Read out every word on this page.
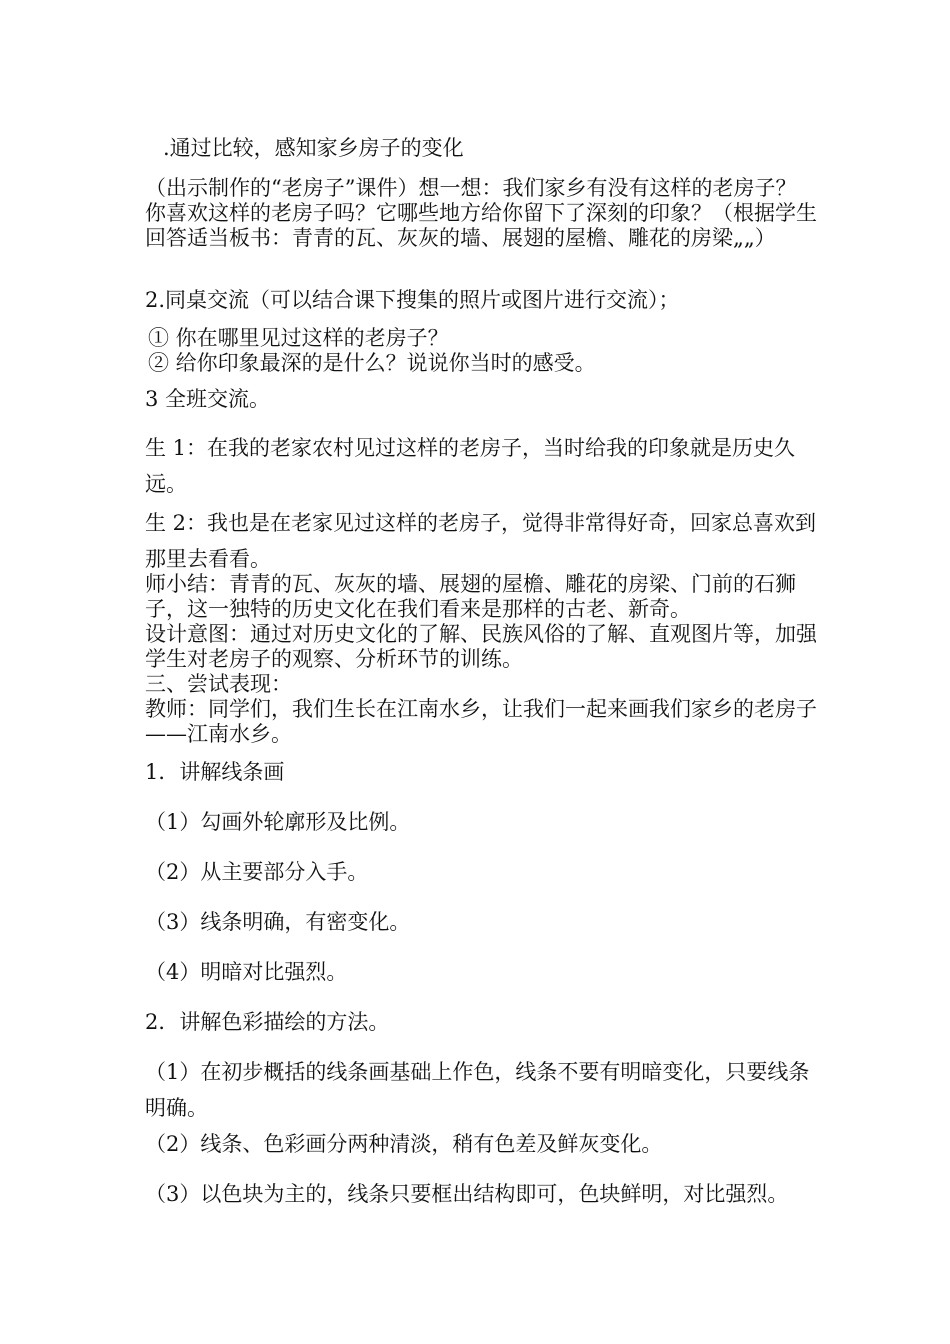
.通过比较，感知家乡房子的变化
（出示制作的“老房子”课件）想一想：我们家乡有没有这样的老房子？你喜欢这样的老房子吗？它哪些地方给你留下了深刻的印象？（根据学生回答适当板书：青青的瓦、灰灰的墙、展翅的屋檐、雕花的房梁„„）
2.同桌交流（可以结合课下搜集的照片或图片进行交流）；
① 你在哪里见过这样的老房子？
② 给你印象最深的是什么？说说你当时的感受。
3 全班交流。
生 1：在我的老家农村见过这样的老房子，当时给我的印象就是历史久远。
生 2：我也是在老家见过这样的老房子，觉得非常得好奇，回家总喜欢到那里去看看。
师小结：青青的瓦、灰灰的墙、展翅的屋檐、雕花的房梁、门前的石狮子，这一独特的历史文化在我们看来是那样的古老、新奇。
设计意图：通过对历史文化的了解、民族风俗的了解、直观图片等，加强学生对老房子的观察、分析环节的训练。
三、尝试表现：
教师：同学们，我们生长在江南水乡，让我们一起来画我们家乡的老房子——江南水乡。
1．讲解线条画
（1）勾画外轮廓形及比例。
（2）从主要部分入手。
（3）线条明确，有密变化。
（4）明暗对比强烈。
2．讲解色彩描绘的方法。
（1）在初步概括的线条画基础上作色，线条不要有明暗变化，只要线条明确。
（2）线条、色彩画分两种清淡，稍有色差及鲜灰变化。
（3）以色块为主的，线条只要框出结构即可，色块鲜明，对比强烈。
